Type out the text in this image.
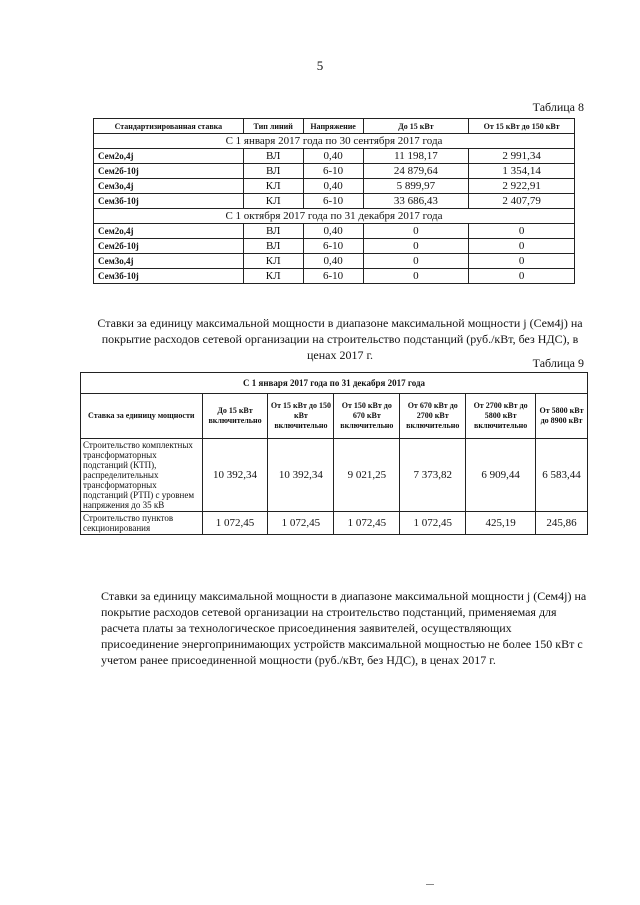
5
Таблица 8
Стандартизированная ставка	Тип линий	Напряжение	До 15 кВт	От 15 кВт до 150 кВт
С 1 января 2017 года по 30 сентября 2017 года				
Сем2о,4j	ВЛ	0,40	11 198,17	2 991,34
Сем2б-10j	ВЛ	6-10	24 879,64	1 354,14
Сем3о,4j	КЛ	0,40	5 899,97	2 922,91
Сем3б-10j	КЛ	6-10	33 686,43	2 407,79
С 1 октября 2017 года по 31 декабря 2017 года				
Сем2о,4j	ВЛ	0,40	0	0
Сем2б-10j	ВЛ	6-10	0	0
Сем3о,4j	КЛ	0,40	0	0
Сем3б-10j	КЛ	6-10	0	0
Ставки за единицу максимальной мощности в диапазоне максимальной мощности j (Cем4j) на покрытие расходов сетевой организации на строительство подстанций (руб./кВт, без НДС), в ценах 2017 г.
Таблица 9
С 1 января 2017 года по 31 декабря 2017 года						
Ставка за единицу мощности	До 15 кВт включительно	От 15 кВт до 150 кВт включительно	От 150 кВт до 670 кВт включительно	От 670 кВт до 2700 кВт включительно	От 2700 кВт до 5800 кВт включительно	От 5800 кВт до 8900 кВт
Строительство комплектных трансформаторных подстанций (КТП), распределительных трансформаторных подстанций (РТП) с уровнем напряжения до 35 кВ	10 392,34	10 392,34	9 021,25	7 373,82	6 909,44	6 583,44
Строительство пунктов секционирования	1 072,45	1 072,45	1 072,45	1 072,45	425,19	245,86
Ставки за единицу максимальной мощности в диапазоне максимальной мощности j (Cем4j) на покрытие расходов сетевой организации на строительство подстанций, применяемая для расчета платы за технологическое присоединения заявителей, осуществляющих присоединение энергопринимающих устройств максимальной мощностью не более 150 кВт с учетом ранее присоединенной мощности (руб./кВт, без НДС), в ценах 2017 г.
